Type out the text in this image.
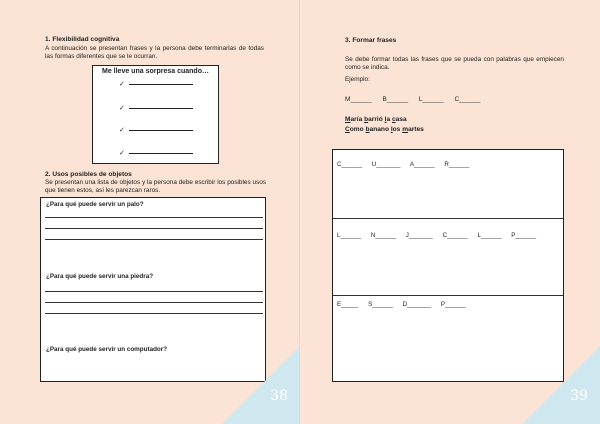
1. Flexibilidad cognitiva
A continuación se presentan frases y la persona debe terminarlas de todas las formas diferentes que se le ocurran.
Me lleve una sorpresa cuando…
✓
✓
✓
✓
2. Usos posibles de objetos
Se presentan una lista de objetos y la persona debe escribir los posibles usos que tienen estos, así les parezcan raros.
¿Para qué puede servir un palo?
¿Para qué puede servir una piedra?
¿Para qué puede servir un computador?
38
3. Formar frases
Se debe formar todas las frases que se pueda con palabras que empiecen como se indica.
Ejemplo:
M______ B______ L______ C______
María barrió la casa
Como banano los martes
39
C______ U_______ A______ R______
L______ N______ J_______ C______ L______ P______
E_____ S______ D_______ P______
